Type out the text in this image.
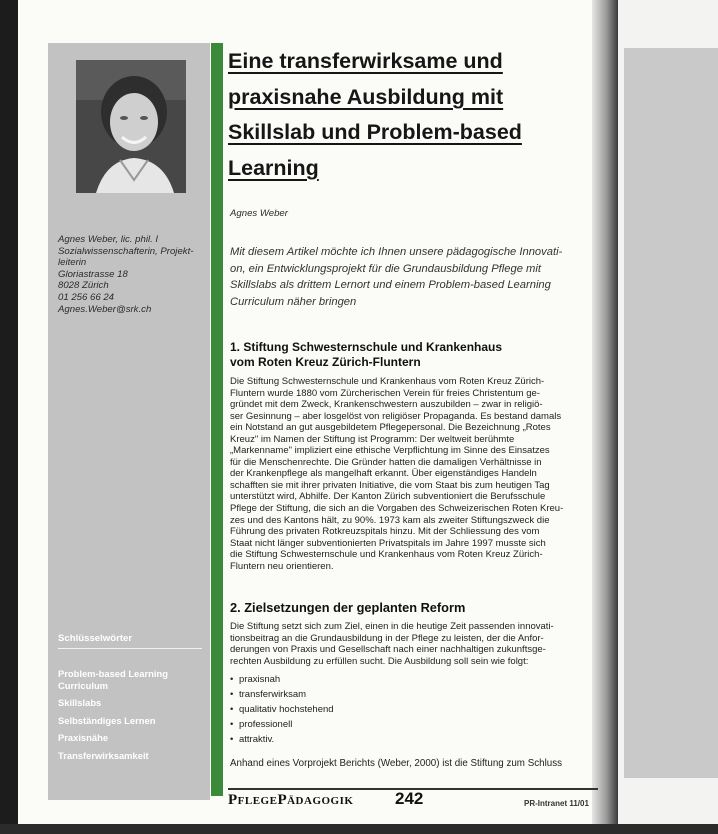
Agnes Weber, lic. phil. I
Sozialwissenschafterin, Projekt-
leiterin
Gloriastrasse 18
8028 Zürich
01 256 66 24
Agnes.Weber@srk.ch
Schlüsselwörter
Problem-based Learning Curriculum
Skillslabs
Selbständiges Lernen
Praxisnähe
Transferwirksamkeit
Eine transferwirksame und
praxisnahe Ausbildung mit
Skillslab und Problem-based
Learning
Agnes Weber
Mit diesem Artikel möchte ich Ihnen unsere pädagogische Innovati-
on, ein Entwicklungsprojekt für die Grundausbildung Pflege mit
Skillslabs als drittem Lernort und einem Problem-based Learning
Curriculum näher bringen
1. Stiftung Schwesternschule und Krankenhaus
vom Roten Kreuz Zürich-Fluntern
Die Stiftung Schwesternschule und Krankenhaus vom Roten Kreuz Zürich-
Fluntern wurde 1880 vom Zürcherischen Verein für freies Christentum ge-
gründet mit dem Zweck, Krankenschwestern auszubilden – zwar in religiö-
ser Gesinnung – aber losgelöst von religiöser Propaganda. Es bestand damals
ein Notstand an gut ausgebildetem Pflegepersonal. Die Bezeichnung „Rotes
Kreuz" im Namen der Stiftung ist Programm: Der weltweit berühmte
„Markenname" impliziert eine ethische Verpflichtung im Sinne des Einsatzes
für die Menschenrechte. Die Gründer hatten die damaligen Verhältnisse in
der Krankenpflege als mangelhaft erkannt. Über eigenständiges Handeln
schafften sie mit ihrer privaten Initiative, die vom Staat bis zum heutigen Tag
unterstützt wird, Abhilfe. Der Kanton Zürich subventioniert die Berufsschule
Pflege der Stiftung, die sich an die Vorgaben des Schweizerischen Roten Kreu-
zes und des Kantons hält, zu 90%. 1973 kam als zweiter Stiftungszweck die
Führung des privaten Rotkreuzspitals hinzu. Mit der Schliessung des vom
Staat nicht länger subventionierten Privatspitals im Jahre 1997 musste sich
die Stiftung Schwesternschule und Krankenhaus vom Roten Kreuz Zürich-
Fluntern neu orientieren.
2. Zielsetzungen der geplanten Reform
Die Stiftung setzt sich zum Ziel, einen in die heutige Zeit passenden innovati-
tionsbeitrag an die Grundausbildung in der Pflege zu leisten, der die Anfor-
derungen von Praxis und Gesellschaft nach einer nachhaltigen zukunftsge-
rechten Ausbildung zu erfüllen sucht. Die Ausbildung soll sein wie folgt:
• praxisnah
• transferwirksam
• qualitativ hochstehend
• professionell
• attraktiv.
Anhand eines Vorprojekt Berichts (Weber, 2000) ist die Stiftung zum Schluss
PflegePädagogik 242	PR-Intranet 11/01
